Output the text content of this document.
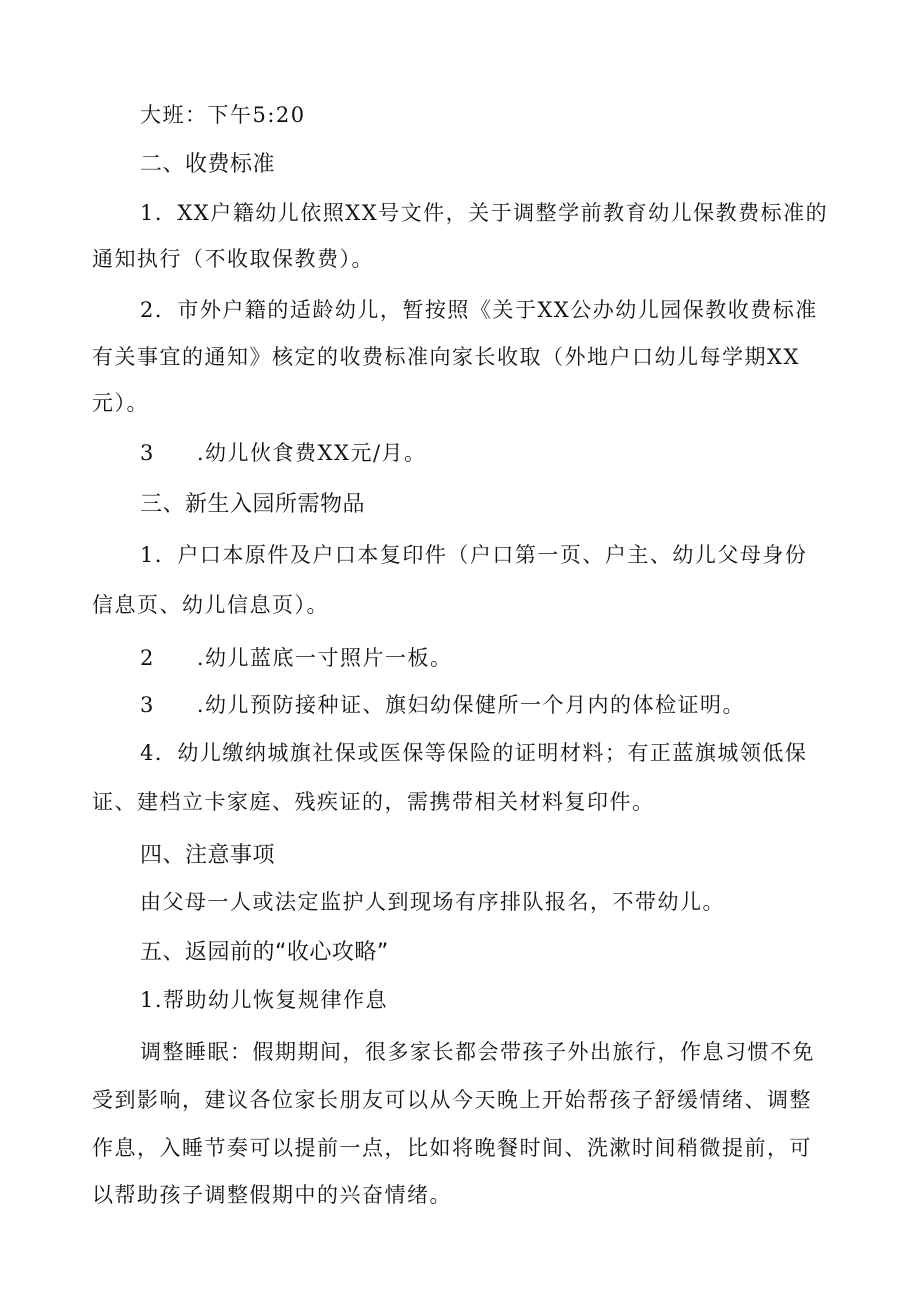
大班：下午5:20
二、收费标准
1．XX户籍幼儿依照XX号文件，关于调整学前教育幼儿保教费标准的
通知执行（不收取保教费）。
2．市外户籍的适龄幼儿，暂按照《关于XX公办幼儿园保教收费标准
有关事宜的通知》核定的收费标准向家长收取（外地户口幼儿每学期XX
元）。
3 .幼儿伙食费XX元/月。
三、新生入园所需物品
1．户口本原件及户口本复印件（户口第一页、户主、幼儿父母身份
信息页、幼儿信息页）。
2 .幼儿蓝底一寸照片一板。
3 .幼儿预防接种证、旗妇幼保健所一个月内的体检证明。
4．幼儿缴纳城旗社保或医保等保险的证明材料；有正蓝旗城领低保
证、建档立卡家庭、残疾证的，需携带相关材料复印件。
四、注意事项
由父母一人或法定监护人到现场有序排队报名，不带幼儿。
五、返园前的“收心攻略”
1.帮助幼儿恢复规律作息
调整睡眠：假期期间，很多家长都会带孩子外出旅行，作息习惯不免
受到影响，建议各位家长朋友可以从今天晚上开始帮孩子舒缓情绪、调整
作息，入睡节奏可以提前一点，比如将晚餐时间、洗漱时间稍微提前，可
以帮助孩子调整假期中的兴奋情绪。
